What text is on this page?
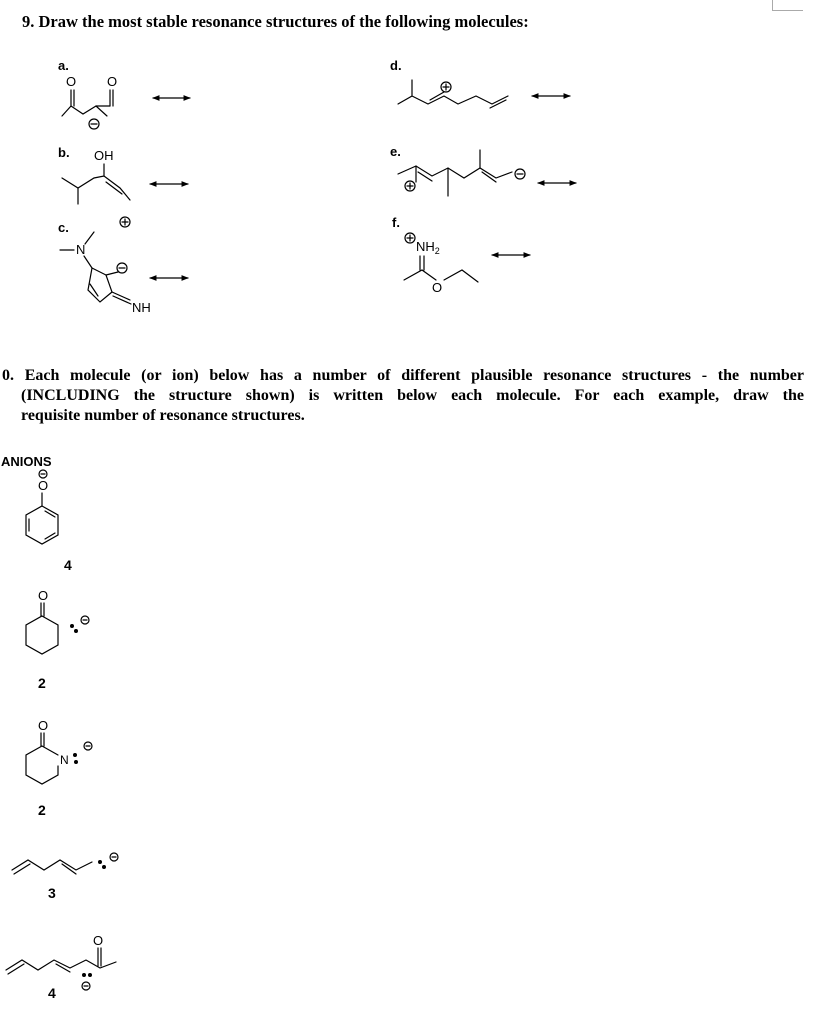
9. Draw the most stable resonance structures of the following molecules:
0. Each molecule (or ion) below has a number of different plausible resonance structures - the number
(INCLUDING the structure shown) is written below each molecule. For each example, draw the
requisite number of resonance structures.
a.
O O
b. OH
c.
N
NH
d.
e.
f.
$NH_2$
O
ANIONS
O
4
O
2
O
N
2
3
O
4
